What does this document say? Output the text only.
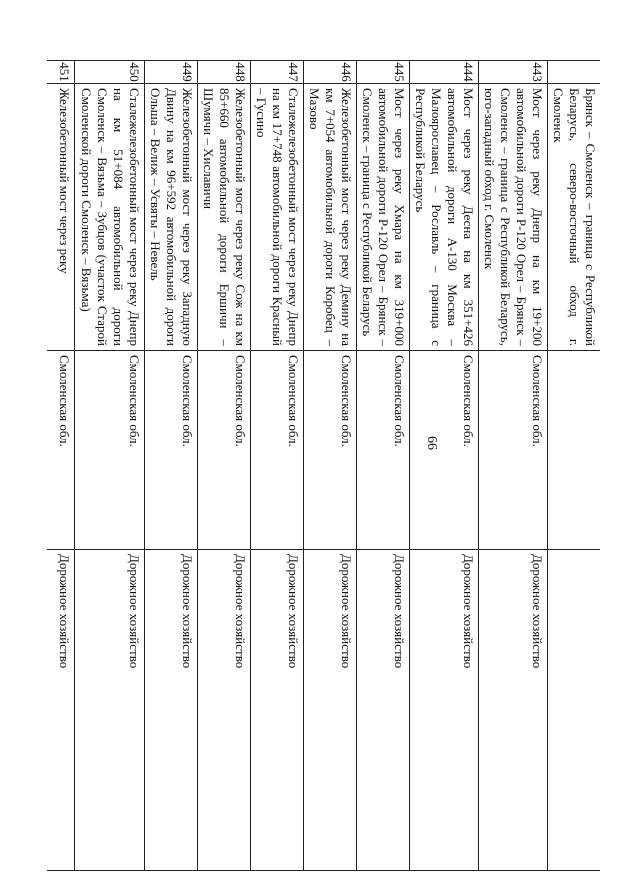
66
	Брянск – Смоленск – граница с Республикой Беларусь, северо-восточный обход г. Смоленск		
443	Мост через реку Днепр на км 19+200 автомобильной дороги Р-120 Орел – Брянск – Смоленск – граница с Республикой Беларусь, юго-западный обход г. Смоленск	Смоленская обл.	Дорожное хозяйство
444	Мост через реку Десна на км 351+426 автомобильной дороги А-130 Москва – Малоярославец – Рославль – граница с Республикой Беларусь	Смоленская обл.	Дорожное хозяйство
445	Мост через реку Хмара на км 319+000 автомобильной дороги Р-120 Орел – Брянск – Смоленск – граница с Республикой Беларусь	Смоленская обл.	Дорожное хозяйство
446	Железобетонный мост через реку Демину на км 7+054 автомобильной дороги Коробец – Мазово	Смоленская обл.	Дорожное хозяйство
447	Сталежелезобетонный мост через реку Днепр на км 17+748 автомобильной дороги Красный – Гусино	Смоленская обл.	Дорожное хозяйство
448	Железобетонный мост через реку Сож на км 85+660 автомобильной дороги Ершичи – Шумячи – Хиславичи	Смоленская обл.	Дорожное хозяйство
449	Железобетонный мост через реку Западную Двину на км 96+592 автомобильной дороги Ольша – Велиж – Усвяты – Невель	Смоленская обл.	Дорожное хозяйство
450	Сталежелезобетонный мост через реку Днепр на км 51+084 автомобильной дороги Смоленск – Вязьма – Зубцов (участок Старой Смоленской дороги Смоленск – Вязьма)	Смоленская обл.	Дорожное хозяйство
451	Железобетонный мост через реку	Смоленская обл.	Дорожное хозяйство
